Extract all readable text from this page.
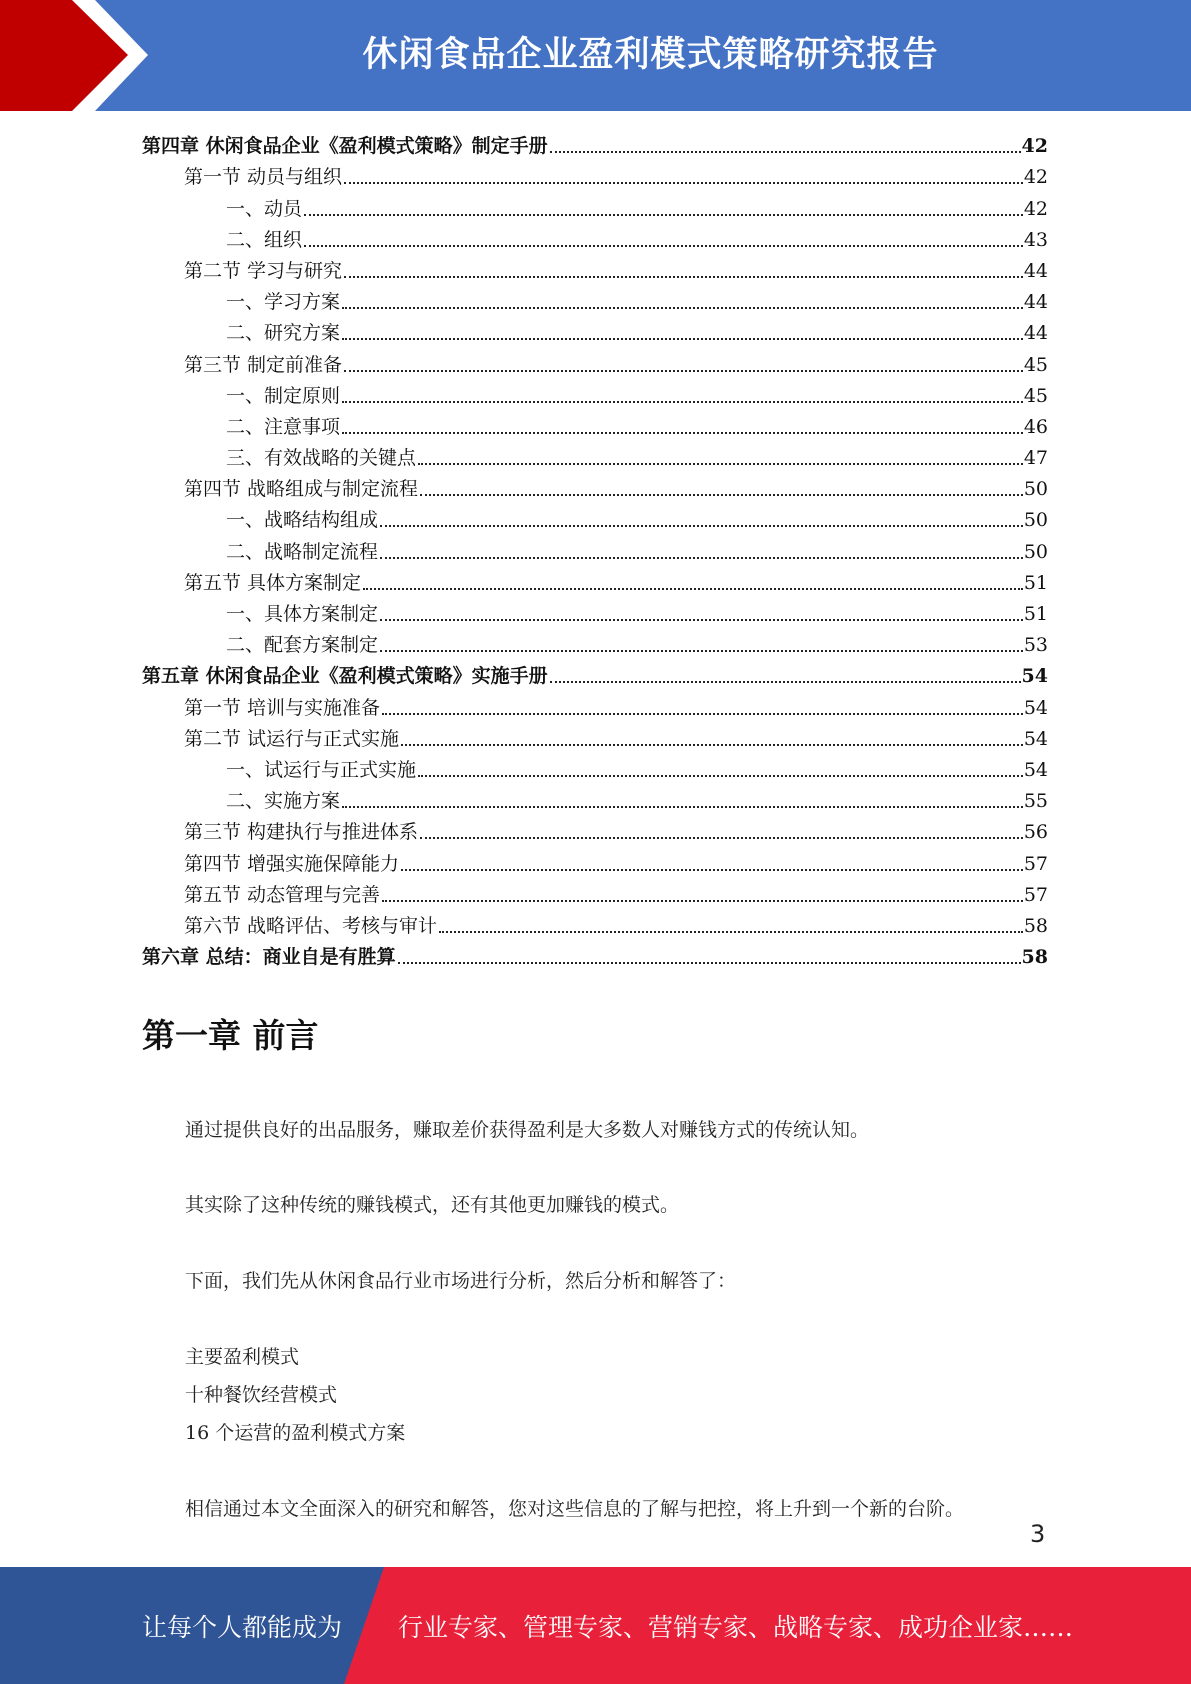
休闲食品企业盈利模式策略研究报告
第四章 休闲食品企业《盈利模式策略》制定手册	42
第一节 动员与组织	42
一、动员	42
二、组织	43
第二节 学习与研究	44
一、学习方案	44
二、研究方案	44
第三节 制定前准备	45
一、制定原则	45
二、注意事项	46
三、有效战略的关键点	47
第四节 战略组成与制定流程	50
一、战略结构组成	50
二、战略制定流程	50
第五节 具体方案制定	51
一、具体方案制定	51
二、配套方案制定	53
第五章 休闲食品企业《盈利模式策略》实施手册	54
第一节 培训与实施准备	54
第二节 试运行与正式实施	54
一、试运行与正式实施	54
二、实施方案	55
第三节 构建执行与推进体系	56
第四节 增强实施保障能力	57
第五节 动态管理与完善	57
第六节 战略评估、考核与审计	58
第六章 总结：商业自是有胜算	58
第一章 前言
通过提供良好的出品服务，赚取差价获得盈利是大多数人对赚钱方式的传统认知。
其实除了这种传统的赚钱模式，还有其他更加赚钱的模式。
下面，我们先从休闲食品行业市场进行分析，然后分析和解答了：
主要盈利模式
十种餐饮经营模式
16 个运营的盈利模式方案
相信通过本文全面深入的研究和解答，您对这些信息的了解与把控，将上升到一个新的台阶。
3
让每个人都能成为 行业专家、管理专家、营销专家、战略专家、成功企业家……
